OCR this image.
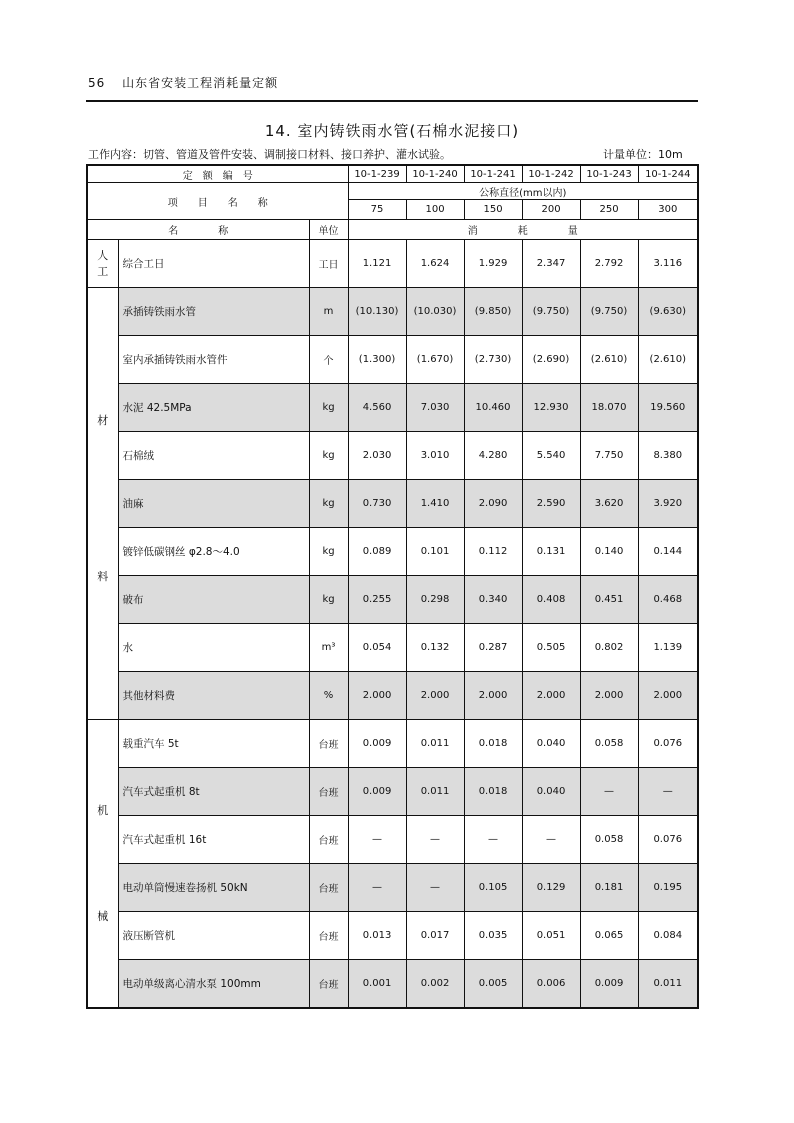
56 山东省安装工程消耗量定额
14. 室内铸铁雨水管(石棉水泥接口)
工作内容：切管、管道及管件安装、调制接口材料、接口养护、灌水试验。	计量单位：10m
定　额　编　号			10-1-239	10-1-240	10-1-241	10-1-242	10-1-243	10-1-244
项　　目　　名　　称			公称直径(mm以内)					
			75	100	150	200	250	300
名　　　　称		单位	消　　　　耗　　　　量					
人工	综合工日	工日	1.121	1.624	1.929	2.347	2.792	3.116

材
料	承插铸铁雨水管	m	(10.130)	(10.030)	(9.850)	(9.750)	(9.750)	(9.630)
	室内承插铸铁雨水管件	个	(1.300)	(1.670)	(2.730)	(2.690)	(2.610)	(2.610)
	水泥 42.5MPa	kg	4.560	7.030	10.460	12.930	18.070	19.560
	石棉绒	kg	2.030	3.010	4.280	5.540	7.750	8.380
	油麻	kg	0.730	1.410	2.090	2.590	3.620	3.920
	镀锌低碳钢丝 φ2.8～4.0	kg	0.089	0.101	0.112	0.131	0.140	0.144
	破布	kg	0.255	0.298	0.340	0.408	0.451	0.468
	水	m³	0.054	0.132	0.287	0.505	0.802	1.139
	其他材料费	%	2.000	2.000	2.000	2.000	2.000	2.000

机
械	载重汽车 5t	台班	0.009	0.011	0.018	0.040	0.058	0.076
	汽车式起重机 8t	台班	0.009	0.011	0.018	0.040	—	—
	汽车式起重机 16t	台班	—	—	—	—	0.058	0.076
	电动单筒慢速卷扬机 50kN	台班	—	—	0.105	0.129	0.181	0.195
	液压断管机	台班	0.013	0.017	0.035	0.051	0.065	0.084
	电动单级离心清水泵 100mm	台班	0.001	0.002	0.005	0.006	0.009	0.011
